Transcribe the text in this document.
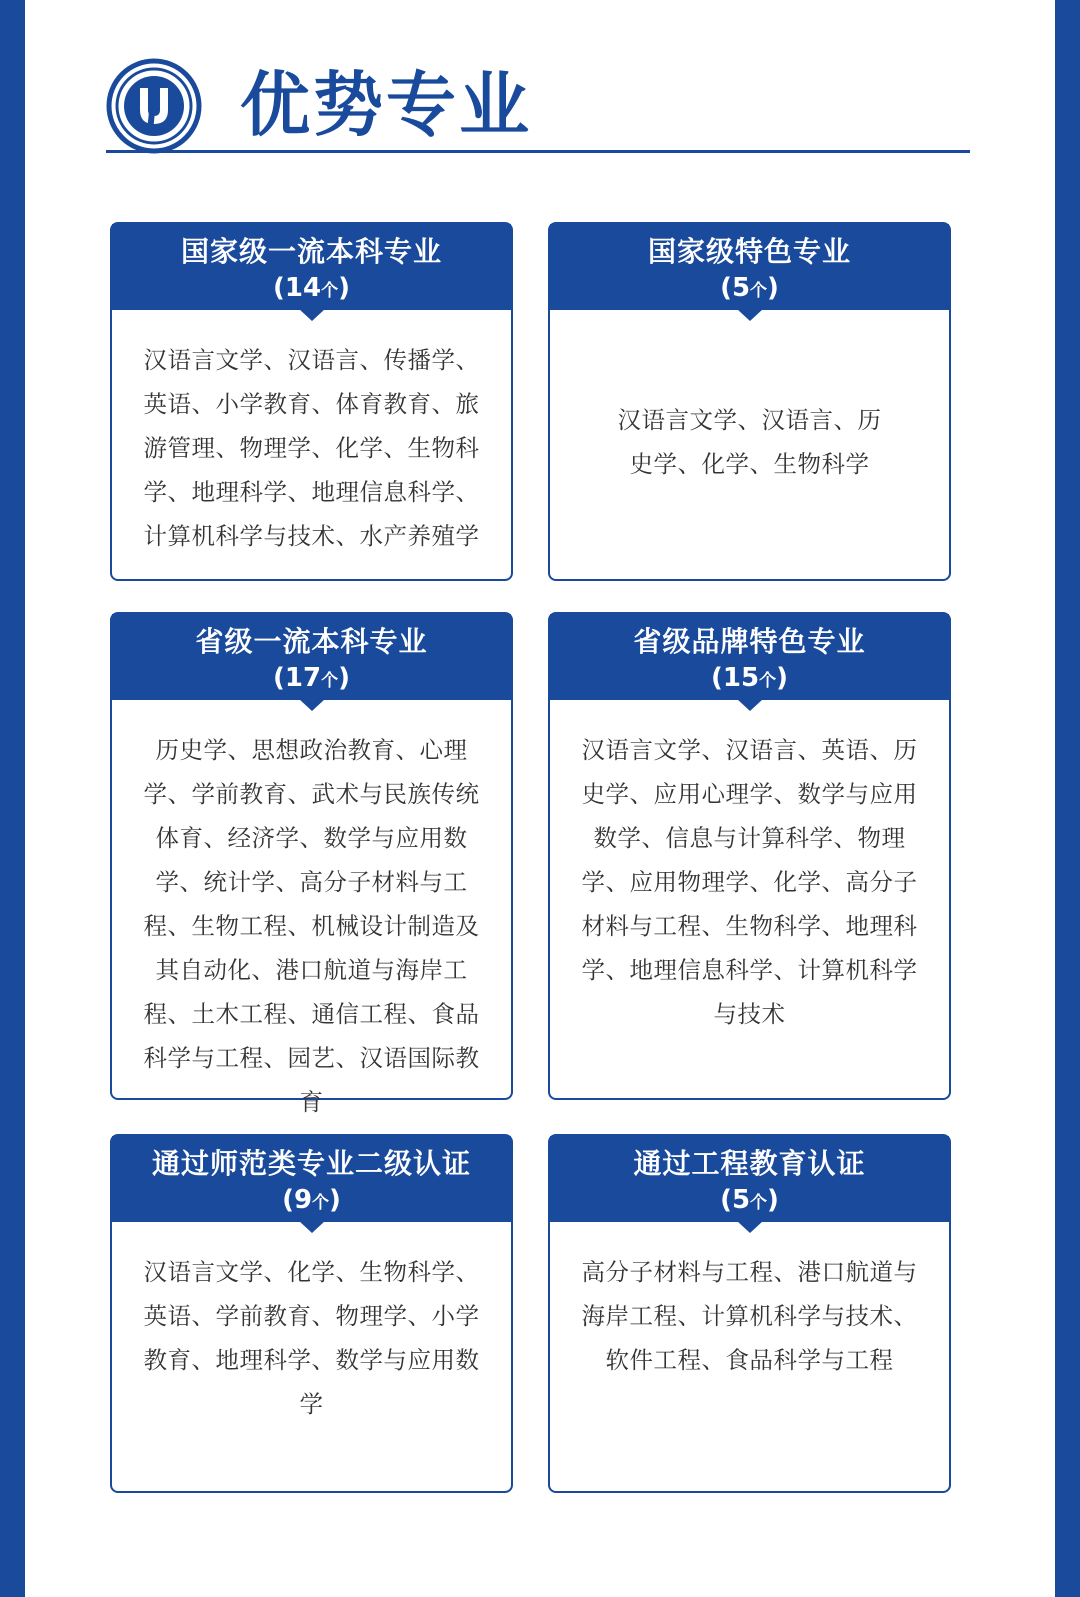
优势专业
国家级一流本科专业
(14个)

汉语言文学、汉语言、传播学、英语、小学教育、体育教育、旅游管理、物理学、化学、生物科学、地理科学、地理信息科学、计算机科学与技术、水产养殖学

国家级特色专业
(5个)

汉语言文学、汉语言、历史学、化学、生物科学

省级一流本科专业
(17个)

历史学、思想政治教育、心理学、学前教育、武术与民族传统体育、经济学、数学与应用数学、统计学、高分子材料与工程、生物工程、机械设计制造及其自动化、港口航道与海岸工程、土木工程、通信工程、食品科学与工程、园艺、汉语国际教育

省级品牌特色专业
(15个)

汉语言文学、汉语言、英语、历史学、应用心理学、数学与应用数学、信息与计算科学、物理学、应用物理学、化学、高分子材料与工程、生物科学、地理科学、地理信息科学、计算机科学与技术

通过师范类专业二级认证
(9个)

汉语言文学、化学、生物科学、英语、学前教育、物理学、小学教育、地理科学、数学与应用数学

通过工程教育认证
(5个)

高分子材料与工程、港口航道与海岸工程、计算机科学与技术、软件工程、食品科学与工程
